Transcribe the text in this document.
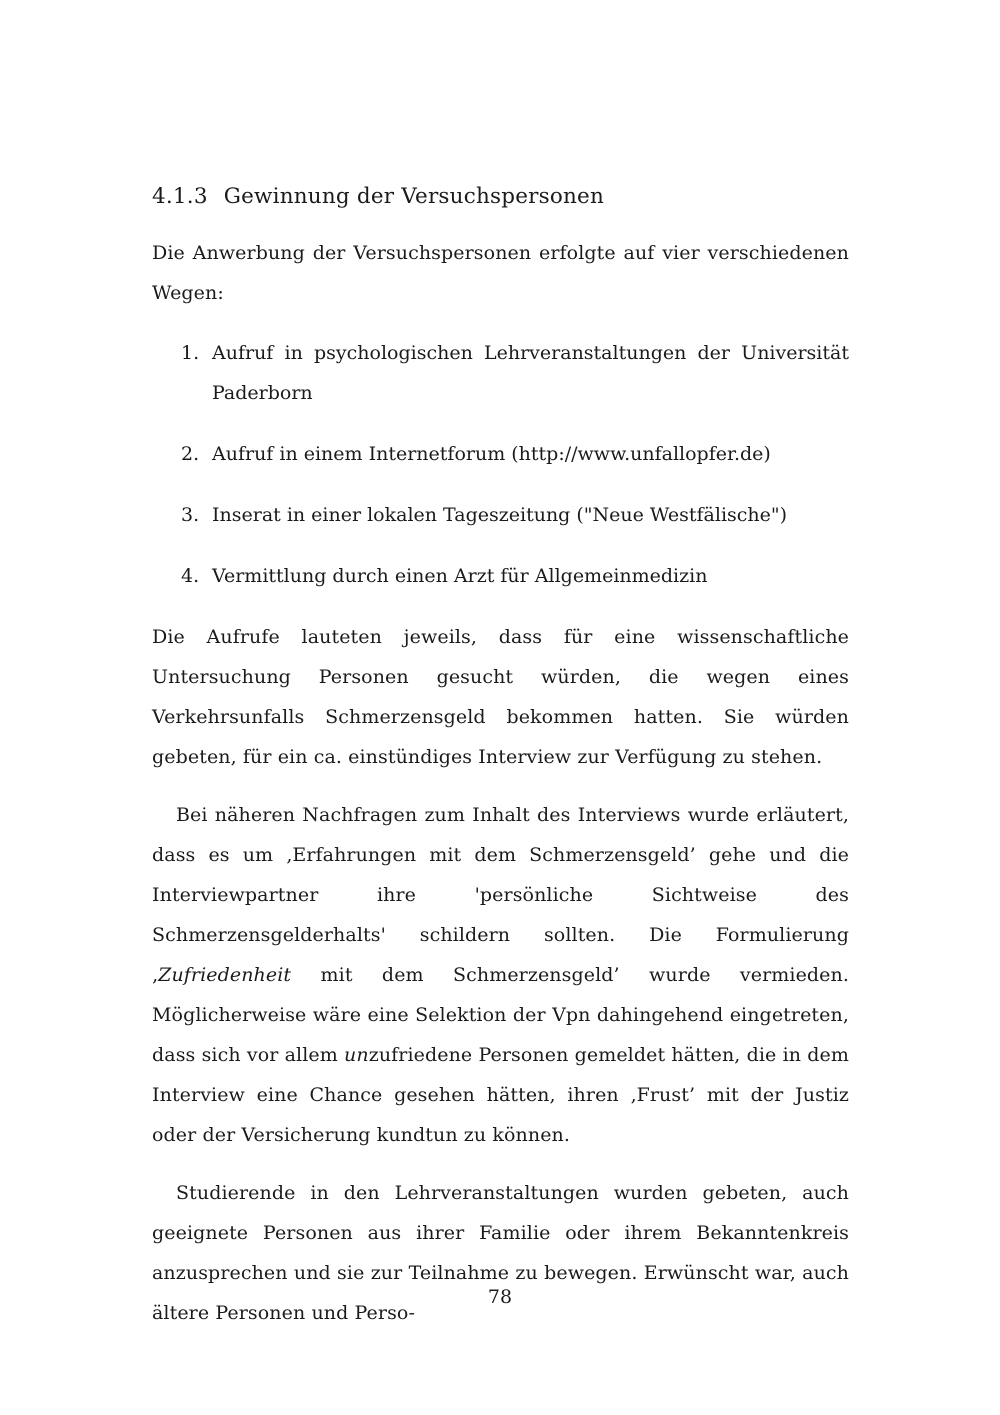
4.1.3 Gewinnung der Versuchspersonen

Die Anwerbung der Versuchspersonen erfolgte auf vier verschiedenen Wegen:

1. Aufruf in psychologischen Lehrveranstaltungen der Universität Paderborn
2. Aufruf in einem Internetforum (http://www.unfallopfer.de)
3. Inserat in einer lokalen Tageszeitung ("Neue Westfälische")
4. Vermittlung durch einen Arzt für Allgemeinmedizin

Die Aufrufe lauteten jeweils, dass für eine wissenschaftliche Untersuchung Personen gesucht würden, die wegen eines Verkehrsunfalls Schmerzensgeld bekommen hatten. Sie würden gebeten, für ein ca. einstündiges Interview zur Verfügung zu stehen.

Bei näheren Nachfragen zum Inhalt des Interviews wurde erläutert, dass es um ‚Erfahrungen mit dem Schmerzensgeld’ gehe und die Interviewpartner ihre 'persönliche Sichtweise des Schmerzensgelderhalts' schildern sollten. Die Formulierung ‚Zufriedenheit mit dem Schmerzensgeld’ wurde vermieden. Möglicherweise wäre eine Selektion der Vpn dahingehend eingetreten, dass sich vor allem unzufriedene Personen gemeldet hätten, die in dem Interview eine Chance gesehen hätten, ihren ‚Frust’ mit der Justiz oder der Versicherung kundtun zu können.

Studierende in den Lehrveranstaltungen wurden gebeten, auch geeignete Personen aus ihrer Familie oder ihrem Bekanntenkreis anzusprechen und sie zur Teilnahme zu bewegen. Erwünscht war, auch ältere Personen und Perso-

78
